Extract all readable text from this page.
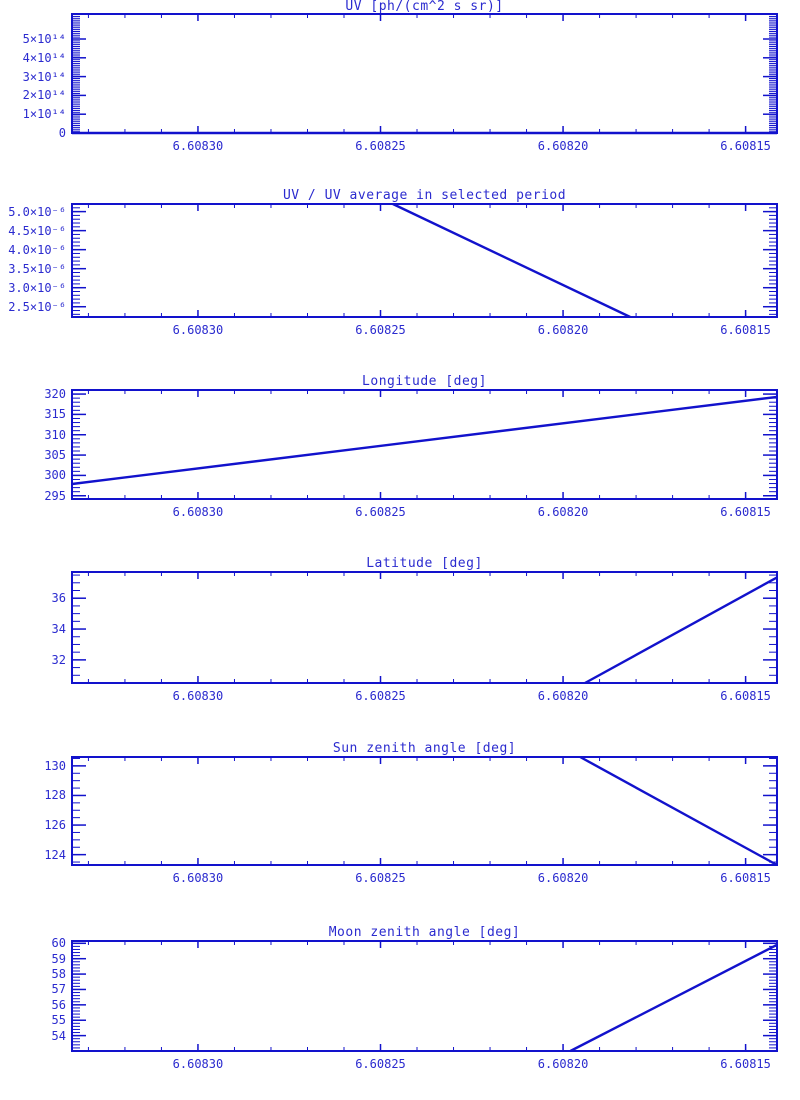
UV [ph/(cm^2 s sr)]
UV / UV average in selected period
Longitude [deg]
Latitude [deg]
Sun zenith angle [deg]
Moon zenith angle [deg]
6.60830	6.60825	6.60820	6.60815
0
1×10¹⁴
2×10¹⁴
3×10¹⁴
4×10¹⁴
5×10¹⁴
6.60830	6.60825	6.60820	6.60815
2.5×10⁻⁶
3.0×10⁻⁶
3.5×10⁻⁶
4.0×10⁻⁶
4.5×10⁻⁶
5.0×10⁻⁶
6.60830	6.60825	6.60820	6.60815
295
300
305
310
315
320
6.60830	6.60825	6.60820	6.60815
32
34
36
6.60830	6.60825	6.60820	6.60815
124
126
128
130
6.60830	6.60825	6.60820	6.60815
54
55
56
57
58
59
60
